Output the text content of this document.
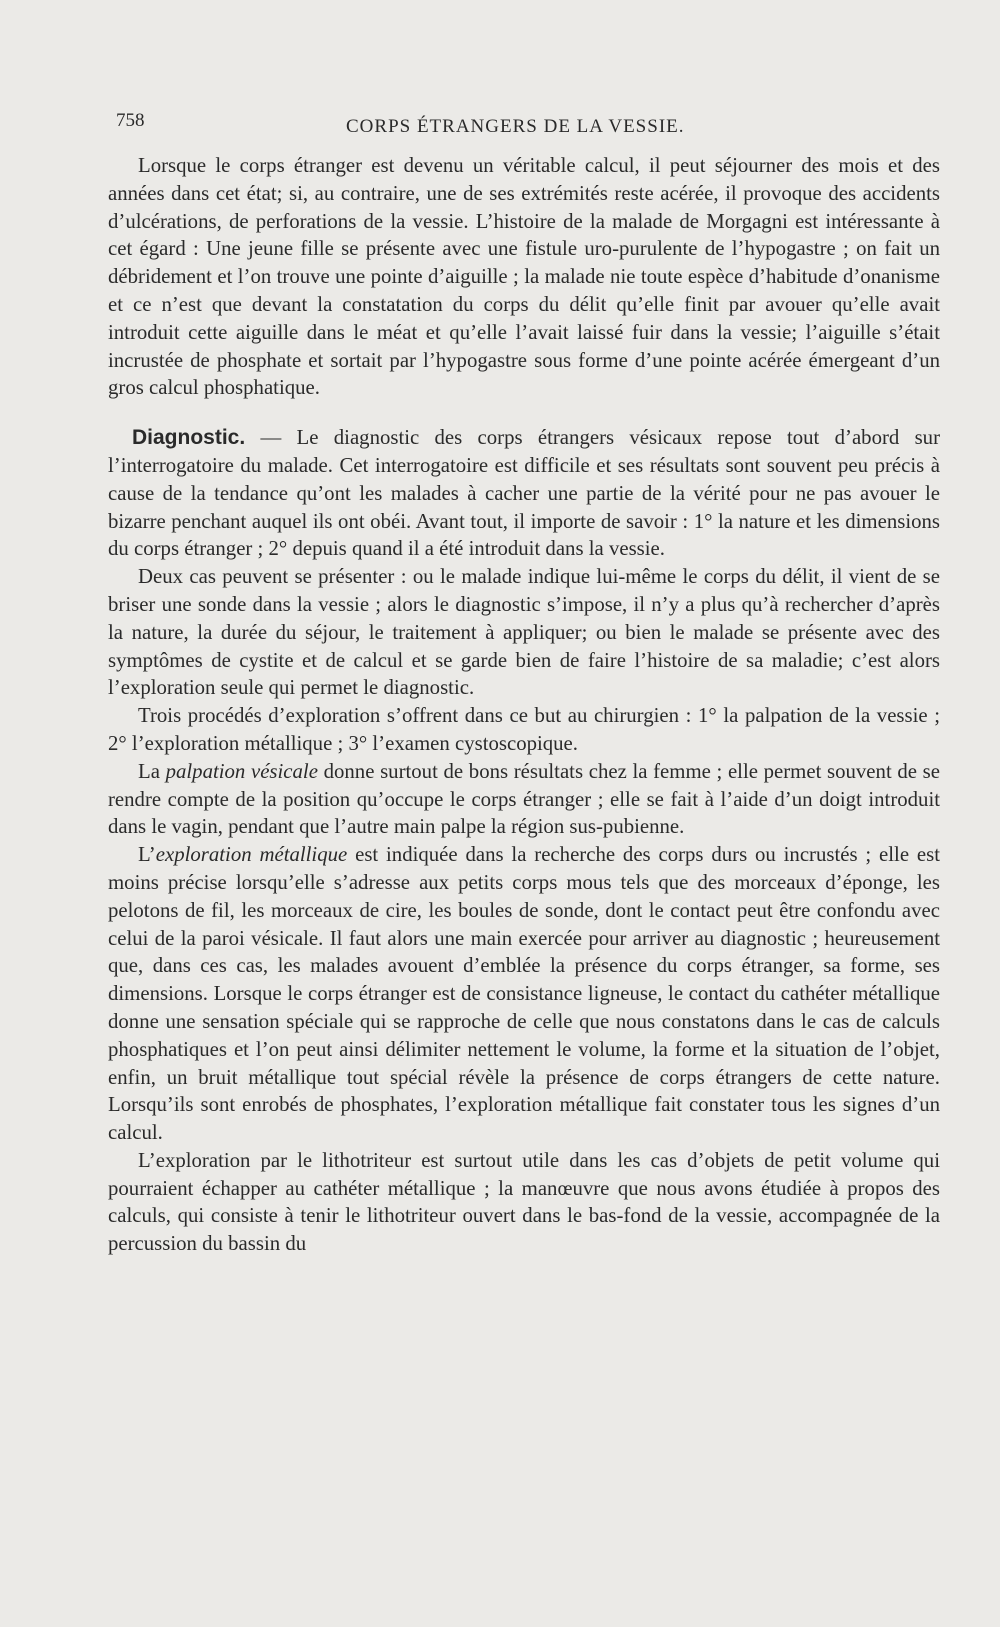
758	CORPS ÉTRANGERS DE LA VESSIE.

Lorsque le corps étranger est devenu un véritable calcul, il peut séjourner des mois et des années dans cet état; si, au contraire, une de ses extrémités reste acérée, il provoque des accidents d’ulcérations, de perforations de la vessie. L’histoire de la malade de Morgagni est intéressante à cet égard : Une jeune fille se présente avec une fistule uro-purulente de l’hypogastre ; on fait un débridement et l’on trouve une pointe d’aiguille ; la malade nie toute espèce d’habitude d’onanisme et ce n’est que devant la constatation du corps du délit qu’elle finit par avouer qu’elle avait introduit cette aiguille dans le méat et qu’elle l’avait laissé fuir dans la vessie; l’aiguille s’était incrustée de phosphate et sortait par l’hypogastre sous forme d’une pointe acérée émergeant d’un gros calcul phosphatique.

Diagnostic. — Le diagnostic des corps étrangers vésicaux repose tout d’abord sur l’interrogatoire du malade. Cet interrogatoire est difficile et ses résultats sont souvent peu précis à cause de la tendance qu’ont les malades à cacher une partie de la vérité pour ne pas avouer le bizarre penchant auquel ils ont obéi. Avant tout, il importe de savoir : 1° la nature et les dimensions du corps étranger ; 2° depuis quand il a été introduit dans la vessie.

Deux cas peuvent se présenter : ou le malade indique lui-même le corps du délit, il vient de se briser une sonde dans la vessie ; alors le diagnostic s’impose, il n’y a plus qu’à rechercher d’après la nature, la durée du séjour, le traitement à appliquer; ou bien le malade se présente avec des symptômes de cystite et de calcul et se garde bien de faire l’histoire de sa maladie; c’est alors l’exploration seule qui permet le diagnostic.

Trois procédés d’exploration s’offrent dans ce but au chirurgien : 1° la palpation de la vessie ; 2° l’exploration métallique ; 3° l’examen cystoscopique.

La palpation vésicale donne surtout de bons résultats chez la femme ; elle permet souvent de se rendre compte de la position qu’occupe le corps étranger ; elle se fait à l’aide d’un doigt introduit dans le vagin, pendant que l’autre main palpe la région sus-pubienne.

L’exploration métallique est indiquée dans la recherche des corps durs ou incrustés ; elle est moins précise lorsqu’elle s’adresse aux petits corps mous tels que des morceaux d’éponge, les pelotons de fil, les morceaux de cire, les boules de sonde, dont le contact peut être confondu avec celui de la paroi vésicale. Il faut alors une main exercée pour arriver au diagnostic ; heureusement que, dans ces cas, les malades avouent d’emblée la présence du corps étranger, sa forme, ses dimensions. Lorsque le corps étranger est de consistance ligneuse, le contact du cathéter métallique donne une sensation spéciale qui se rapproche de celle que nous constatons dans le cas de calculs phosphatiques et l’on peut ainsi délimiter nettement le volume, la forme et la situation de l’objet, enfin, un bruit métallique tout spécial révèle la présence de corps étrangers de cette nature. Lorsqu’ils sont enrobés de phosphates, l’exploration métallique fait constater tous les signes d’un calcul.

L’exploration par le lithotriteur est surtout utile dans les cas d’objets de petit volume qui pourraient échapper au cathéter métallique ; la manœuvre que nous avons étudiée à propos des calculs, qui consiste à tenir le lithotriteur ouvert dans le bas-fond de la vessie, accompagnée de la percussion du bassin du
